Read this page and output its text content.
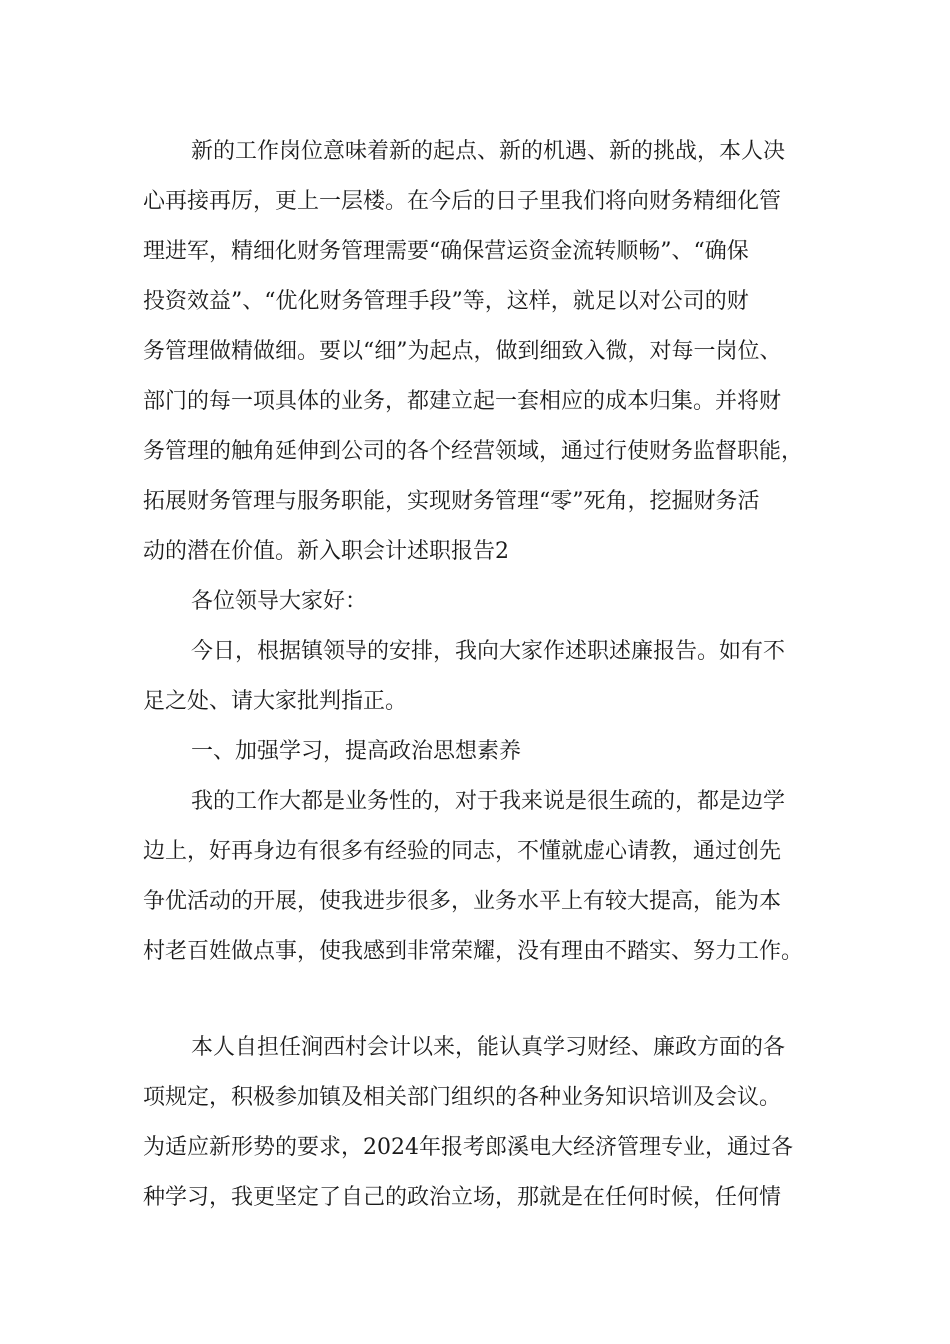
新的工作岗位意味着新的起点、新的机遇、新的挑战，本人决
心再接再厉，更上一层楼。在今后的日子里我们将向财务精细化管
理进军，精细化财务管理需要“确保营运资金流转顺畅”、“确保
投资效益”、“优化财务管理手段”等，这样，就足以对公司的财
务管理做精做细。要以“细”为起点，做到细致入微，对每一岗位、
部门的每一项具体的业务，都建立起一套相应的成本归集。并将财
务管理的触角延伸到公司的各个经营领域，通过行使财务监督职能，
拓展财务管理与服务职能，实现财务管理“零”死角，挖掘财务活
动的潜在价值。新入职会计述职报告2
各位领导大家好：
今日，根据镇领导的安排，我向大家作述职述廉报告。如有不
足之处、请大家批判指正。
一、加强学习，提高政治思想素养
我的工作大都是业务性的，对于我来说是很生疏的，都是边学
边上，好再身边有很多有经验的同志，不懂就虚心请教，通过创先
争优活动的开展，使我进步很多，业务水平上有较大提高，能为本
村老百姓做点事，使我感到非常荣耀，没有理由不踏实、努力工作。
本人自担任涧西村会计以来，能认真学习财经、廉政方面的各
项规定，积极参加镇及相关部门组织的各种业务知识培训及会议。
为适应新形势的要求，2024年报考郎溪电大经济管理专业，通过各
种学习，我更坚定了自己的政治立场，那就是在任何时候，任何情
